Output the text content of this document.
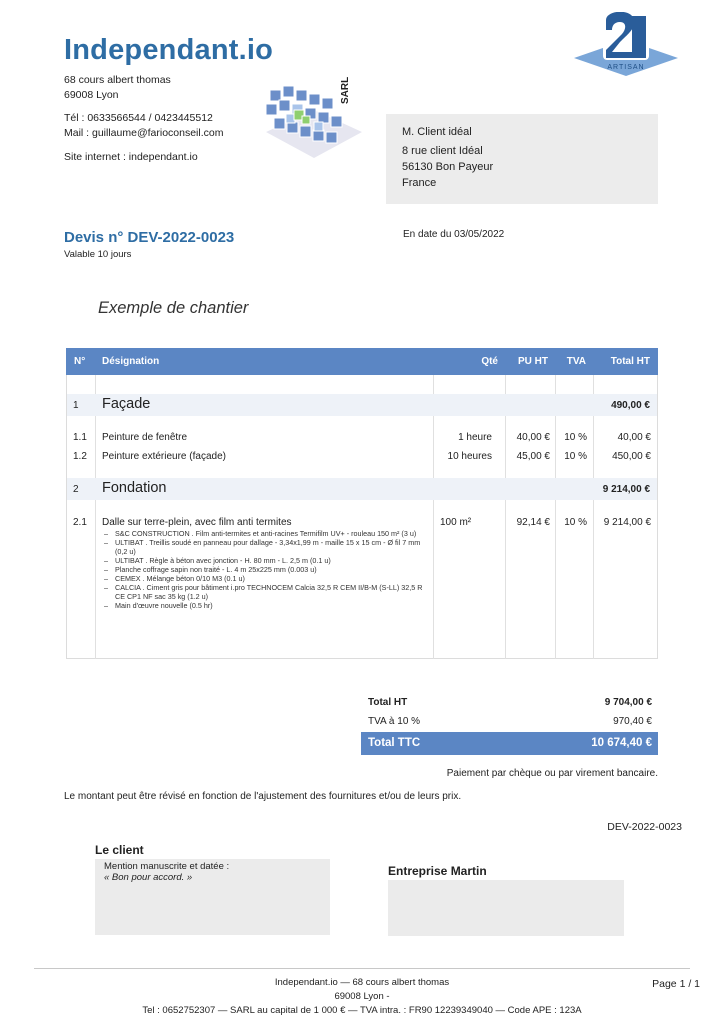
Independant.io
68 cours albert thomas
69008 Lyon
Tél : 0633566544 / 0423445512
Mail : guillaume@farioconseil.com
Site internet : independant.io
ARTISAN
SARL
M. Client idéal
8 rue client Idéal
56130 Bon Payeur
France
Devis n° DEV-2022-0023
Valable 10 jours
En date du 03/05/2022
Exemple de chantier
N° Désignation	Qté PU HT TVA Total HT
1 Façade	490,00 €
1.1 Peinture de fenêtre	1 heure 40,00 € 10 %	40,00 €
1.2 Peinture extérieure (façade)	10 heures 45,00 € 10 %	450,00 €
2 Fondation	9 214,00 €
2.1 Dalle sur terre-plein, avec film anti termites	100 m²	92,14 € 10 % 9 214,00 €
– S&C CONSTRUCTION . Film anti-termites et anti-racines Termifilm UV+ - rouleau 150 m² (3 u)
– ULTIBAT . Treillis soudé en panneau pour dallage - 3,34x1,99 m - maille 15 x 15 cm - Ø fil 7 mm (0,2 u)
– ULTIBAT . Règle à béton avec jonction - H. 80 mm - L. 2,5 m (0.1 u)
– Planche coffrage sapin non traité - L. 4 m 25x225 mm (0.003 u)
– CEMEX . Mélange béton 0/10 M3 (0.1 u)
– CALCIA . Ciment gris pour bâtiment i.pro TECHNOCEM Calcia 32,5 R CEM II/B-M (S-LL) 32,5 R CE CP1 NF sac 35 kg (1.2 u)
– Main d'œuvre nouvelle (0.5 hr)
Total HT	9 704,00 €
TVA à 10 %	970,40 €
Total TTC	10 674,40 €
Paiement par chèque ou par virement bancaire.
Le montant peut être révisé en fonction de l'ajustement des fournitures et/ou de leurs prix.
DEV-2022-0023
Le client
Mention manuscrite et datée :
« Bon pour accord. »	Entreprise Martin
Independant.io — 68 cours albert thomas
69008 Lyon -
Tel : 0652752307 — SARL au capital de 1 000 € — TVA intra. : FR90 12239349040 — Code APE : 123A
Page 1 / 1
